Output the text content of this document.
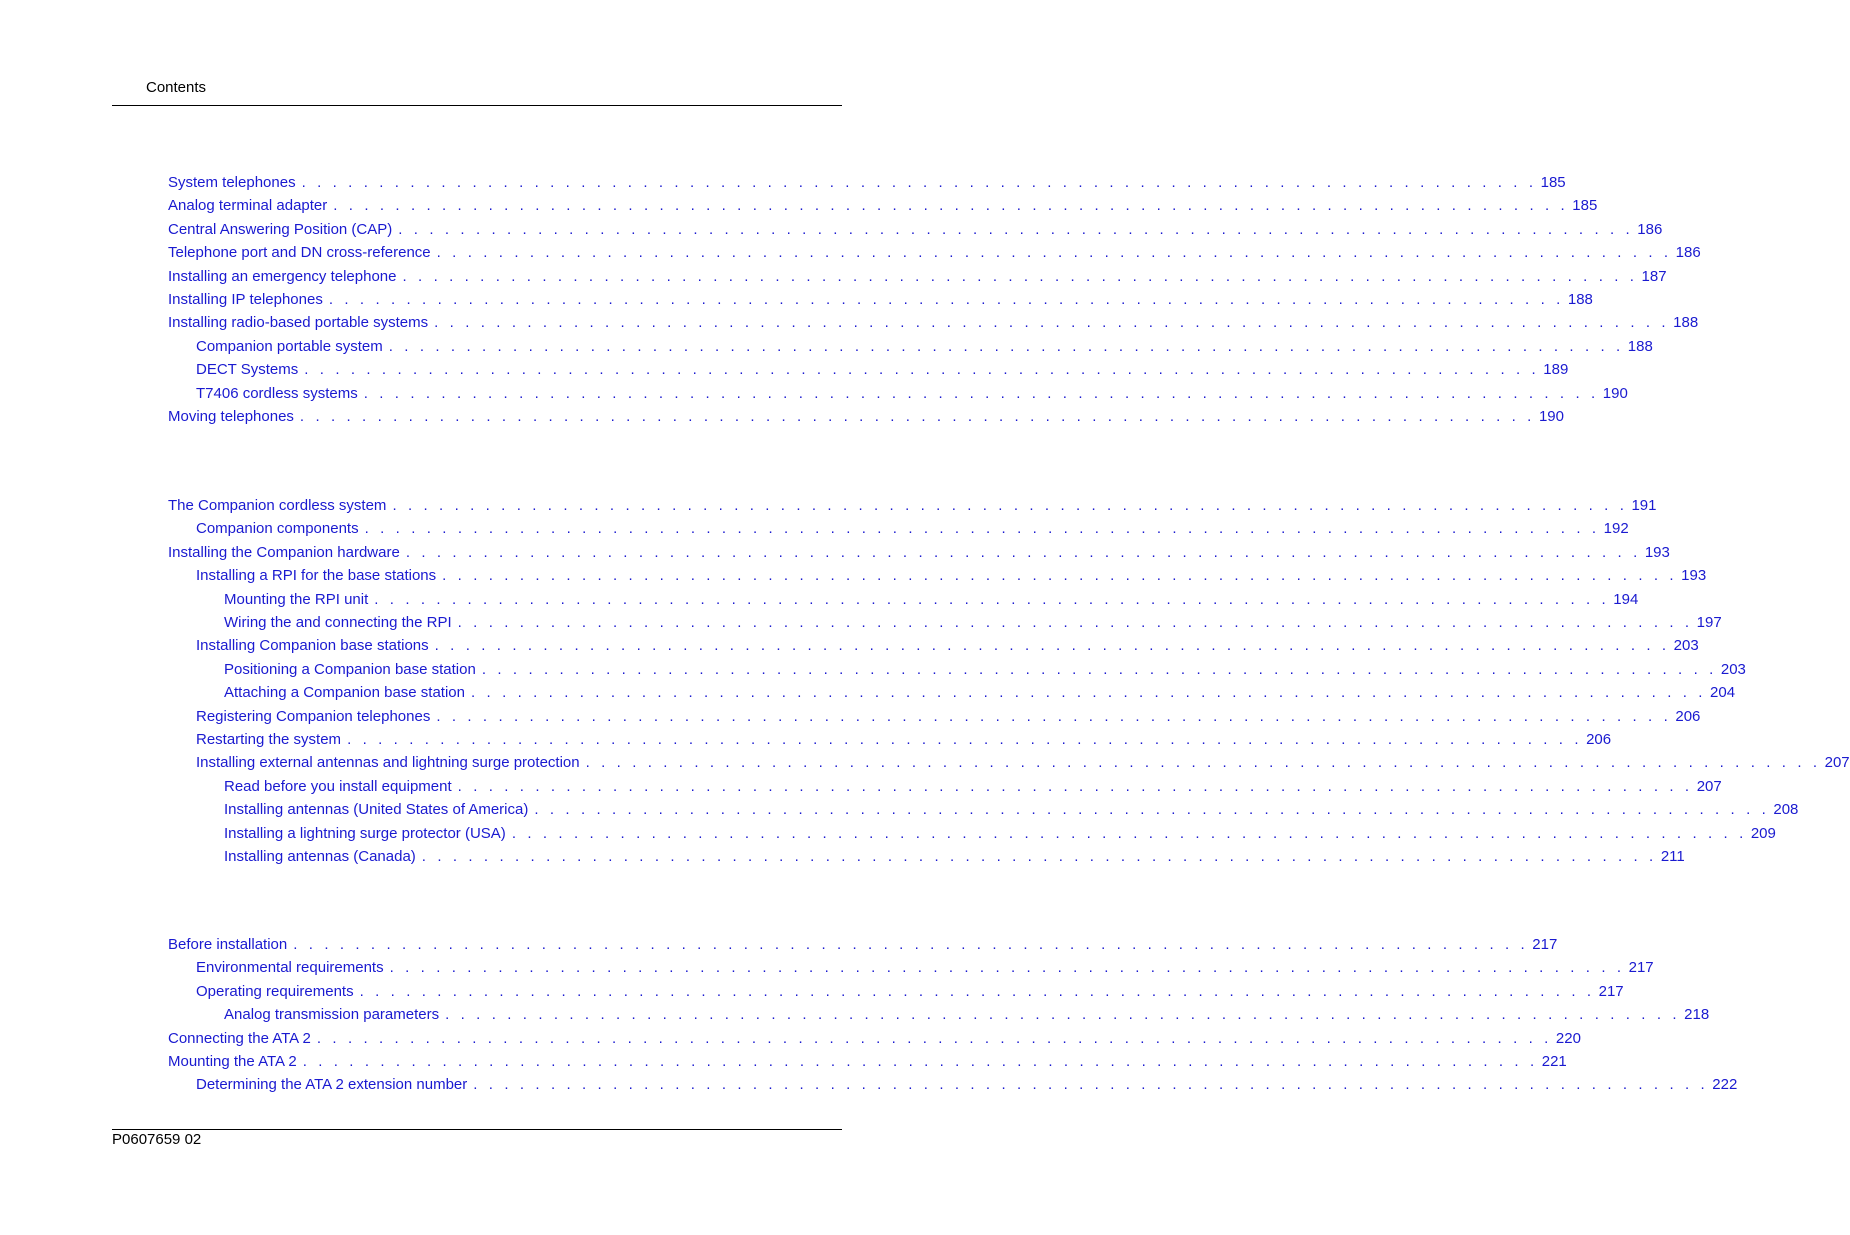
Contents
System telephones . . . . . . . . . . . . . . . . . . . . . . . . . . . . . . . . . . . . . . . . . . . . . . . . . . . . . . . . . . . . . . . . . . . . . . . . . . . . . . . . 185
Analog terminal adapter . . . . . . . . . . . . . . . . . . . . . . . . . . . . . . . . . . . . . . . . . . . . . . . . . . . . . . . . . . . . . . . . . . . . . . . . . . . . . . . . 185
Central Answering Position (CAP) . . . . . . . . . . . . . . . . . . . . . . . . . . . . . . . . . . . . . . . . . . . . . . . . . . . . . . . . . . . . . . . . . . . . . . . . . . . . . . . . 186
Telephone port and DN cross-reference . . . . . . . . . . . . . . . . . . . . . . . . . . . . . . . . . . . . . . . . . . . . . . . . . . . . . . . . . . . . . . . . . . . . . . . . . . . . . . . . 186
Installing an emergency telephone . . . . . . . . . . . . . . . . . . . . . . . . . . . . . . . . . . . . . . . . . . . . . . . . . . . . . . . . . . . . . . . . . . . . . . . . . . . . . . . . 187
Installing IP telephones . . . . . . . . . . . . . . . . . . . . . . . . . . . . . . . . . . . . . . . . . . . . . . . . . . . . . . . . . . . . . . . . . . . . . . . . . . . . . . . . 188
Installing radio-based portable systems . . . . . . . . . . . . . . . . . . . . . . . . . . . . . . . . . . . . . . . . . . . . . . . . . . . . . . . . . . . . . . . . . . . . . . . . . . . . . . . . 188
Companion portable system . . . . . . . . . . . . . . . . . . . . . . . . . . . . . . . . . . . . . . . . . . . . . . . . . . . . . . . . . . . . . . . . . . . . . . . . . . . . . . . . 188
DECT Systems . . . . . . . . . . . . . . . . . . . . . . . . . . . . . . . . . . . . . . . . . . . . . . . . . . . . . . . . . . . . . . . . . . . . . . . . . . . . . . . . 189
T7406 cordless systems . . . . . . . . . . . . . . . . . . . . . . . . . . . . . . . . . . . . . . . . . . . . . . . . . . . . . . . . . . . . . . . . . . . . . . . . . . . . . . . . 190
Moving telephones . . . . . . . . . . . . . . . . . . . . . . . . . . . . . . . . . . . . . . . . . . . . . . . . . . . . . . . . . . . . . . . . . . . . . . . . . . . . . . . . 190
The Companion cordless system . . . . . . . . . . . . . . . . . . . . . . . . . . . . . . . . . . . . . . . . . . . . . . . . . . . . . . . . . . . . . . . . . . . . . . . . . . . . . . . . 191
Companion components . . . . . . . . . . . . . . . . . . . . . . . . . . . . . . . . . . . . . . . . . . . . . . . . . . . . . . . . . . . . . . . . . . . . . . . . . . . . . . . . 192
Installing the Companion hardware . . . . . . . . . . . . . . . . . . . . . . . . . . . . . . . . . . . . . . . . . . . . . . . . . . . . . . . . . . . . . . . . . . . . . . . . . . . . . . . . 193
Installing a RPI for the base stations . . . . . . . . . . . . . . . . . . . . . . . . . . . . . . . . . . . . . . . . . . . . . . . . . . . . . . . . . . . . . . . . . . . . . . . . . . . . . . . . 193
Mounting the RPI unit . . . . . . . . . . . . . . . . . . . . . . . . . . . . . . . . . . . . . . . . . . . . . . . . . . . . . . . . . . . . . . . . . . . . . . . . . . . . . . . . 194
Wiring the and connecting the RPI . . . . . . . . . . . . . . . . . . . . . . . . . . . . . . . . . . . . . . . . . . . . . . . . . . . . . . . . . . . . . . . . . . . . . . . . . . . . . . . . 197
Installing Companion base stations . . . . . . . . . . . . . . . . . . . . . . . . . . . . . . . . . . . . . . . . . . . . . . . . . . . . . . . . . . . . . . . . . . . . . . . . . . . . . . . . 203
Positioning a Companion base station . . . . . . . . . . . . . . . . . . . . . . . . . . . . . . . . . . . . . . . . . . . . . . . . . . . . . . . . . . . . . . . . . . . . . . . . . . . . . . . . 203
Attaching a Companion base station . . . . . . . . . . . . . . . . . . . . . . . . . . . . . . . . . . . . . . . . . . . . . . . . . . . . . . . . . . . . . . . . . . . . . . . . . . . . . . . . 204
Registering Companion telephones . . . . . . . . . . . . . . . . . . . . . . . . . . . . . . . . . . . . . . . . . . . . . . . . . . . . . . . . . . . . . . . . . . . . . . . . . . . . . . . . 206
Restarting the system . . . . . . . . . . . . . . . . . . . . . . . . . . . . . . . . . . . . . . . . . . . . . . . . . . . . . . . . . . . . . . . . . . . . . . . . . . . . . . . . 206
Installing external antennas and lightning surge protection . . . . . . . . . . . . . . . . . . . . . . . . . . . . . . . . . . . . . . . . . . . . . . . . . . . . . . . . . . . . . . . . . . . . . . . . . . . . . . . . 207
Read before you install equipment . . . . . . . . . . . . . . . . . . . . . . . . . . . . . . . . . . . . . . . . . . . . . . . . . . . . . . . . . . . . . . . . . . . . . . . . . . . . . . . . 207
Installing antennas (United States of America) . . . . . . . . . . . . . . . . . . . . . . . . . . . . . . . . . . . . . . . . . . . . . . . . . . . . . . . . . . . . . . . . . . . . . . . . . . . . . . . . 208
Installing a lightning surge protector (USA) . . . . . . . . . . . . . . . . . . . . . . . . . . . . . . . . . . . . . . . . . . . . . . . . . . . . . . . . . . . . . . . . . . . . . . . . . . . . . . . . 209
Installing antennas (Canada) . . . . . . . . . . . . . . . . . . . . . . . . . . . . . . . . . . . . . . . . . . . . . . . . . . . . . . . . . . . . . . . . . . . . . . . . . . . . . . . . 211
Before installation . . . . . . . . . . . . . . . . . . . . . . . . . . . . . . . . . . . . . . . . . . . . . . . . . . . . . . . . . . . . . . . . . . . . . . . . . . . . . . . . 217
Environmental requirements . . . . . . . . . . . . . . . . . . . . . . . . . . . . . . . . . . . . . . . . . . . . . . . . . . . . . . . . . . . . . . . . . . . . . . . . . . . . . . . . 217
Operating requirements . . . . . . . . . . . . . . . . . . . . . . . . . . . . . . . . . . . . . . . . . . . . . . . . . . . . . . . . . . . . . . . . . . . . . . . . . . . . . . . . 217
Analog transmission parameters . . . . . . . . . . . . . . . . . . . . . . . . . . . . . . . . . . . . . . . . . . . . . . . . . . . . . . . . . . . . . . . . . . . . . . . . . . . . . . . . 218
Connecting the ATA 2 . . . . . . . . . . . . . . . . . . . . . . . . . . . . . . . . . . . . . . . . . . . . . . . . . . . . . . . . . . . . . . . . . . . . . . . . . . . . . . . . 220
Mounting the ATA 2 . . . . . . . . . . . . . . . . . . . . . . . . . . . . . . . . . . . . . . . . . . . . . . . . . . . . . . . . . . . . . . . . . . . . . . . . . . . . . . . . 221
Determining the ATA 2 extension number . . . . . . . . . . . . . . . . . . . . . . . . . . . . . . . . . . . . . . . . . . . . . . . . . . . . . . . . . . . . . . . . . . . . . . . . . . . . . . . . 222
P0607659 02
